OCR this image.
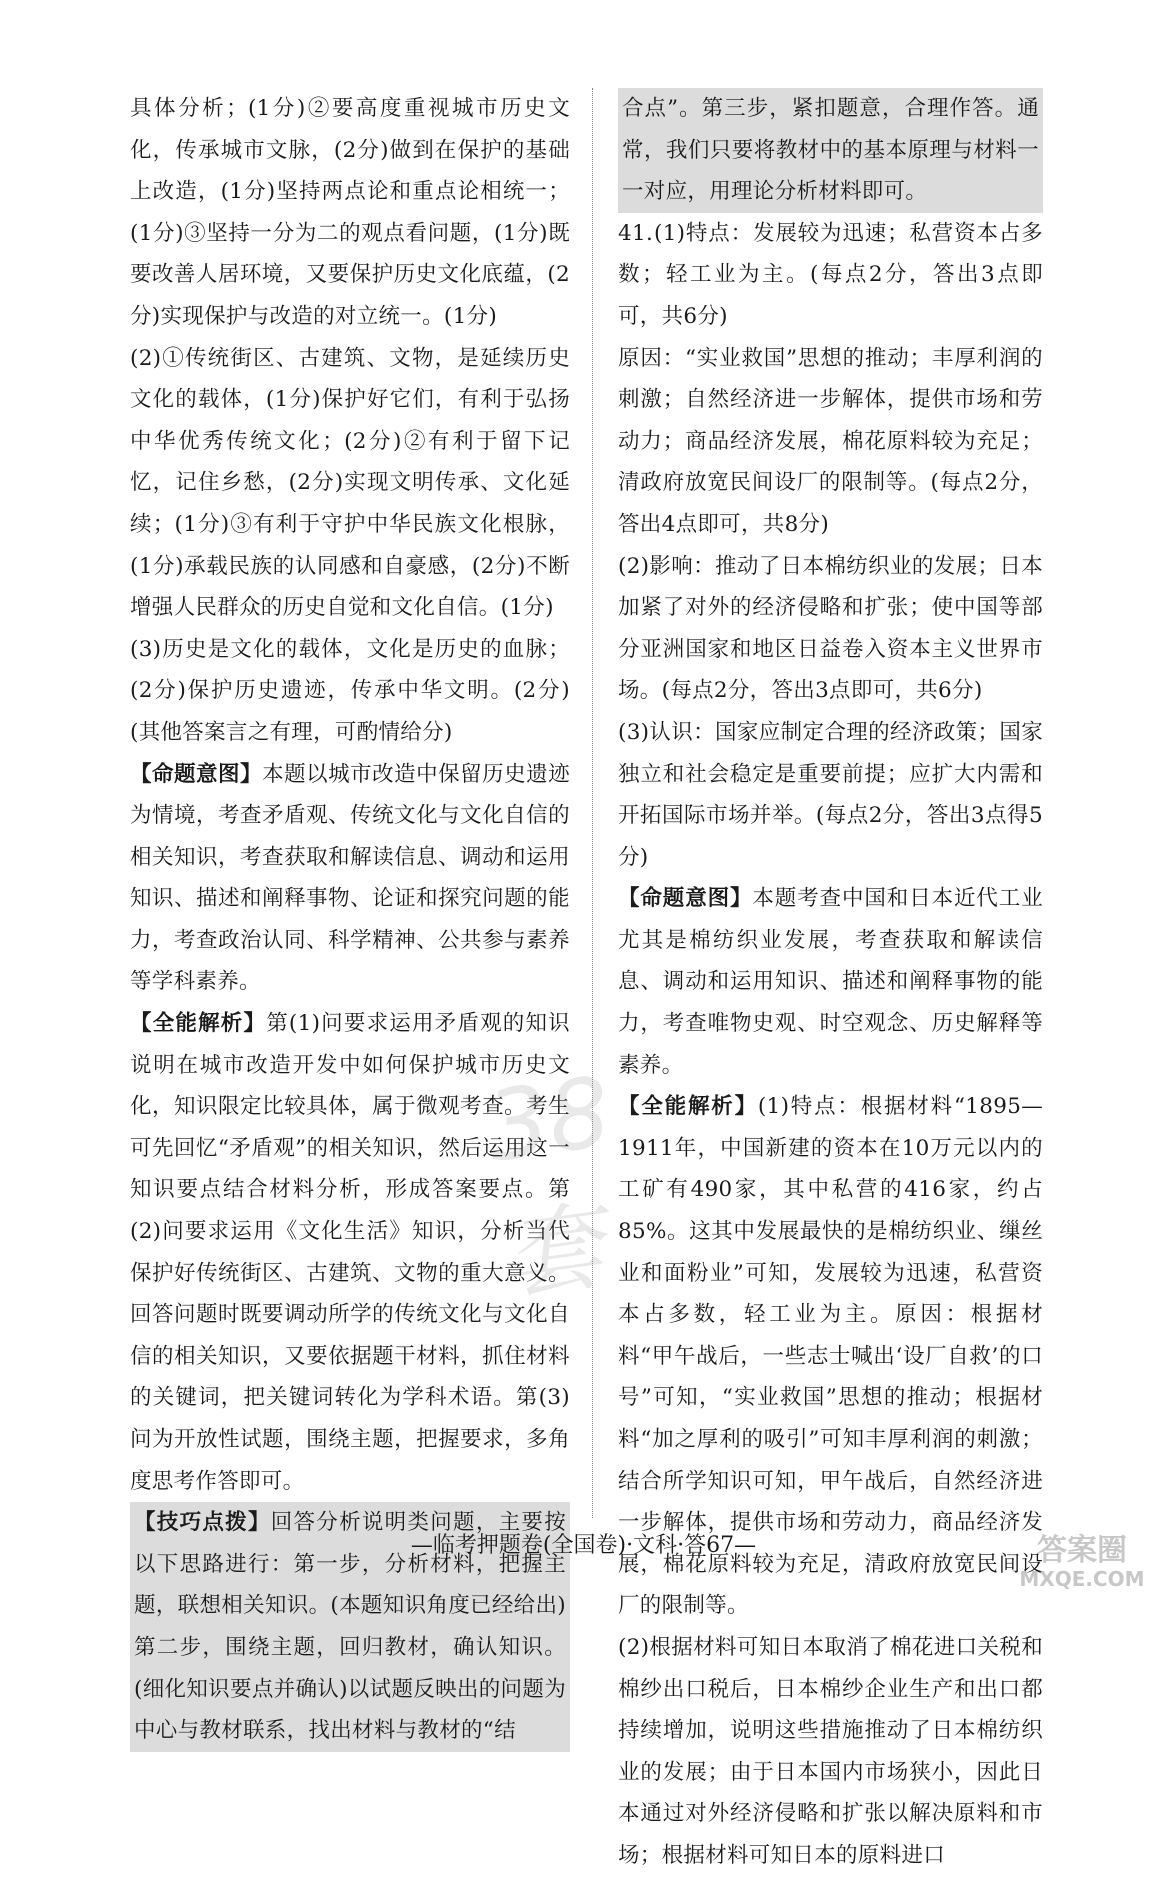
具体分析；(1分)②要高度重视城市历史文化，传承城市文脉，(2分)做到在保护的基础上改造，(1分)坚持两点论和重点论相统一；(1分)③坚持一分为二的观点看问题，(1分)既要改善人居环境，又要保护历史文化底蕴，(2分)实现保护与改造的对立统一。(1分)

(2)①传统街区、古建筑、文物，是延续历史文化的载体，(1分)保护好它们，有利于弘扬中华优秀传统文化；(2分)②有利于留下记忆，记住乡愁，(2分)实现文明传承、文化延续；(1分)③有利于守护中华民族文化根脉，(1分)承载民族的认同感和自豪感，(2分)不断增强人民群众的历史自觉和文化自信。(1分)

(3)历史是文化的载体，文化是历史的血脉；(2分)保护历史遗迹，传承中华文明。(2分)(其他答案言之有理，可酌情给分)

【命题意图】本题以城市改造中保留历史遗迹为情境，考查矛盾观、传统文化与文化自信的相关知识，考查获取和解读信息、调动和运用知识、描述和阐释事物、论证和探究问题的能力，考查政治认同、科学精神、公共参与素养等学科素养。

【全能解析】第(1)问要求运用矛盾观的知识说明在城市改造开发中如何保护城市历史文化，知识限定比较具体，属于微观考查。考生可先回忆“矛盾观”的相关知识，然后运用这一知识要点结合材料分析，形成答案要点。第(2)问要求运用《文化生活》知识，分析当代保护好传统街区、古建筑、文物的重大意义。回答问题时既要调动所学的传统文化与文化自信的相关知识，又要依据题干材料，抓住材料的关键词，把关键词转化为学科术语。第(3)问为开放性试题，围绕主题，把握要求，多角度思考作答即可。

【技巧点拨】回答分析说明类问题，主要按以下思路进行：第一步，分析材料，把握主题，联想相关知识。(本题知识角度已经给出)第二步，围绕主题，回归教材，确认知识。(细化知识要点并确认)以试题反映出的问题为中心与教材联系，找出材料与教材的“结

合点”。第三步，紧扣题意，合理作答。通常，我们只要将教材中的基本原理与材料一一对应，用理论分析材料即可。

41.(1)特点：发展较为迅速；私营资本占多数；轻工业为主。(每点2分，答出3点即可，共6分)

原因：“实业救国”思想的推动；丰厚利润的刺激；自然经济进一步解体，提供市场和劳动力；商品经济发展，棉花原料较为充足；清政府放宽民间设厂的限制等。(每点2分，答出4点即可，共8分)

(2)影响：推动了日本棉纺织业的发展；日本加紧了对外的经济侵略和扩张；使中国等部分亚洲国家和地区日益卷入资本主义世界市场。(每点2分，答出3点即可，共6分)

(3)认识：国家应制定合理的经济政策；国家独立和社会稳定是重要前提；应扩大内需和开拓国际市场并举。(每点2分，答出3点得5分)

【命题意图】本题考查中国和日本近代工业尤其是棉纺织业发展，考查获取和解读信息、调动和运用知识、描述和阐释事物的能力，考查唯物史观、时空观念、历史解释等素养。

【全能解析】(1)特点：根据材料“1895—1911年，中国新建的资本在10万元以内的工矿有490家，其中私营的416家，约占85%。这其中发展最快的是棉纺织业、缫丝业和面粉业”可知，发展较为迅速，私营资本占多数，轻工业为主。原因：根据材料“甲午战后，一些志士喊出‘设厂自救’的口号”可知，“实业救国”思想的推动；根据材料“加之厚利的吸引”可知丰厚利润的刺激；结合所学知识可知，甲午战后，自然经济进一步解体，提供市场和劳动力，商品经济发展，棉花原料较为充足，清政府放宽民间设厂的限制等。

(2)根据材料可知日本取消了棉花进口关税和棉纱出口税后，日本棉纱企业生产和出口都持续增加，说明这些措施推动了日本棉纺织业的发展；由于日本国内市场狭小，因此日本通过对外经济侵略和扩张以解决原料和市场；根据材料可知日本的原料进口

38套
—临考押题卷(全国卷)·文科·答67—	答案圈
MXQE.COM
